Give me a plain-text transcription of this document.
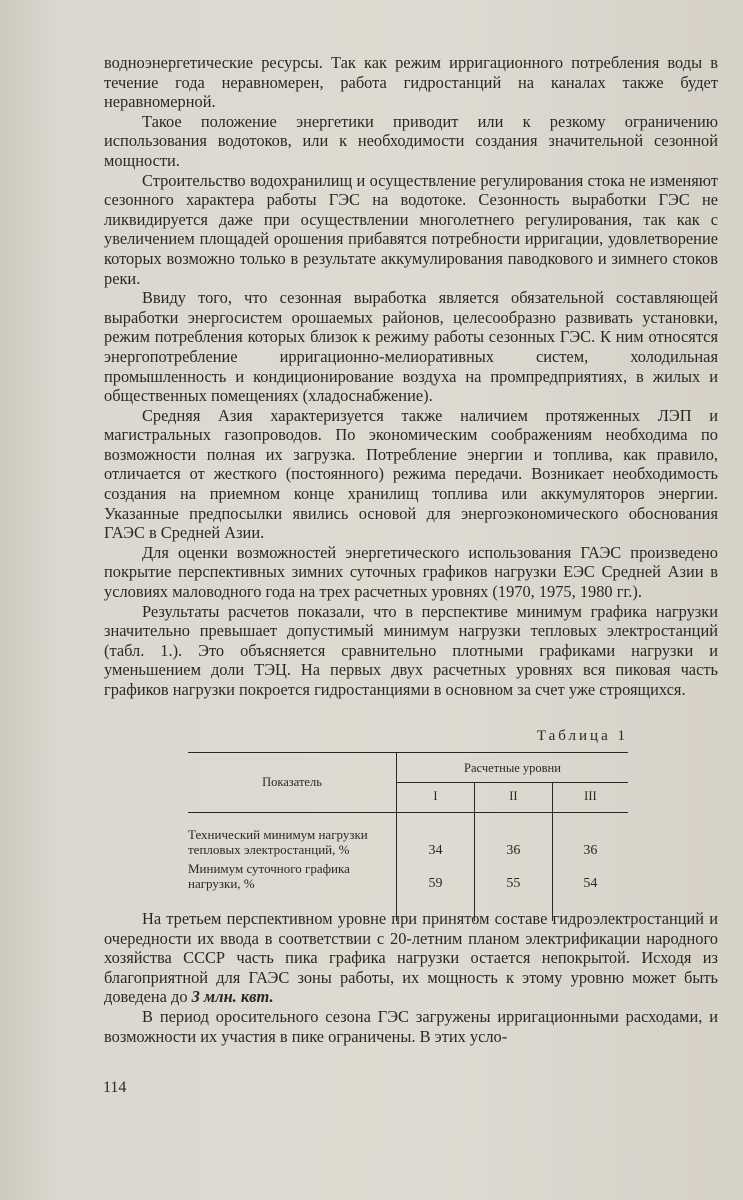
водноэнергетические ресурсы. Так как режим ирригационного потребления воды в течение года неравномерен, работа гидростанций на каналах также будет неравномерной.

Такое положение энергетики приводит или к резкому ограничению использования водотоков, или к необходимости создания значительной сезонной мощности.

Строительство водохранилищ и осуществление регулирования стока не изменяют сезонного характера работы ГЭС на водотоке. Сезонность выработки ГЭС не ликвидируется даже при осуществлении многолетнего регулирования, так как с увеличением площадей орошения прибавятся потребности ирригации, удовлетворение которых возможно только в результате аккумулирования паводкового и зимнего стоков реки.

Ввиду того, что сезонная выработка является обязательной составляющей выработки энергосистем орошаемых районов, целесообразно развивать установки, режим потребления которых близок к режиму работы сезонных ГЭС. К ним относятся энергопотребление ирригационно-мелиоративных систем, холодильная промышленность и кондиционирование воздуха на промпредприятиях, в жилых и общественных помещениях (хладоснабжение).

Средняя Азия характеризуется также наличием протяженных ЛЭП и магистральных газопроводов. По экономическим соображениям необходима по возможности полная их загрузка. Потребление энергии и топлива, как правило, отличается от жесткого (постоянного) режима передачи. Возникает необходимость создания на приемном конце хранилищ топлива или аккумуляторов энергии. Указанные предпосылки явились основой для энергоэкономического обоснования ГАЭС в Средней Азии.

Для оценки возможностей энергетического использования ГАЭС произведено покрытие перспективных зимних суточных графиков нагрузки ЕЭС Средней Азии в условиях маловодного года на трех расчетных уровнях (1970, 1975, 1980 гг.).

Результаты расчетов показали, что в перспективе минимум графика нагрузки значительно превышает допустимый минимум нагрузки тепловых электростанций (табл. 1.). Это объясняется сравнительно плотными графиками нагрузки и уменьшением доли ТЭЦ. На первых двух расчетных уровнях вся пиковая часть графиков нагрузки покроется гидростанциями в основном за счет уже строящихся.

Таблица 1
Показатель	Расчетные уровни		
	I	II	III

Технический минимум нагрузки тепловых электростанций, %	34	36	36
Минимум суточного графика нагрузки, %	59	55	54

На третьем перспективном уровне при принятом составе гидроэлектростанций и очередности их ввода в соответствии с 20-летним планом электрификации народного хозяйства СССР часть пика графика нагрузки остается непокрытой. Исходя из благоприятной для ГАЭС зоны работы, их мощность к этому уровню может быть доведена до 3 млн. квт.

В период оросительного сезона ГЭС загружены ирригационными расходами, и возможности их участия в пике ограничены. В этих усло-

114
